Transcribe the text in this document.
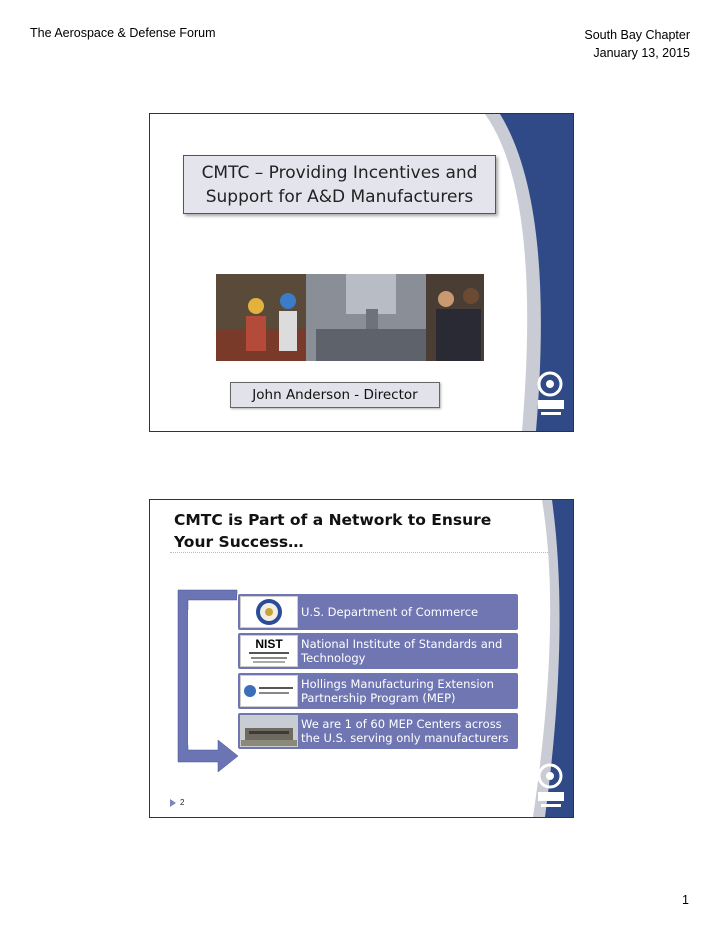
The Aerospace & Defense Forum	South Bay Chapter
January 13, 2015
CMTC – Providing Incentives and
Support for A&D Manufacturers
John Anderson - Director
CMTC is Part of a Network to Ensure
Your Success…
U.S. Department of Commerce
NIST National Institute of Standards and Technology
Hollings Manufacturing Extension Partnership Program (MEP)
We are 1 of 60 MEP Centers across the U.S. serving only manufacturers
2
1
